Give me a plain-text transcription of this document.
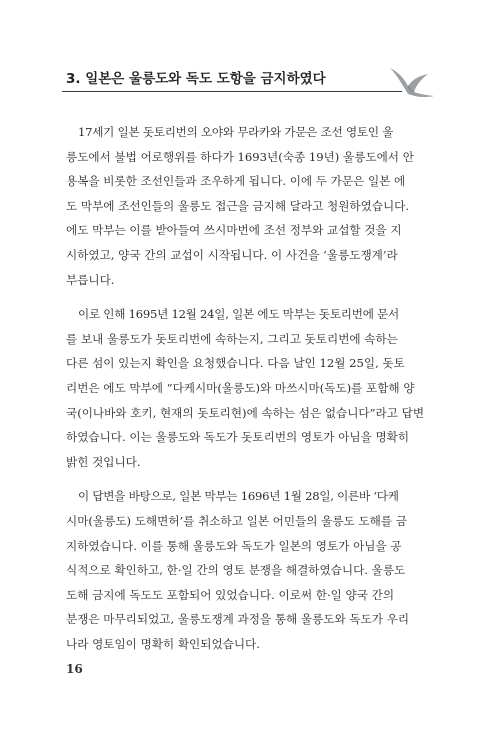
3. 일본은 울릉도와 독도 도항을 금지하였다

17세기 일본 돗토리번의 오야와 무라카와 가문은 조선 영토인 울
릉도에서 불법 어로행위를 하다가 1693년(숙종 19년) 울릉도에서 안
용복을 비롯한 조선인들과 조우하게 됩니다. 이에 두 가문은 일본 에
도 막부에 조선인들의 울릉도 접근을 금지해 달라고 청원하였습니다.
에도 막부는 이를 받아들여 쓰시마번에 조선 정부와 교섭할 것을 지
시하였고, 양국 간의 교섭이 시작됩니다. 이 사건을 ‘울릉도쟁계’라
부릅니다.

이로 인해 1695년 12월 24일, 일본 에도 막부는 돗토리번에 문서
를 보내 울릉도가 돗토리번에 속하는지, 그리고 돗토리번에 속하는
다른 섬이 있는지 확인을 요청했습니다. 다음 날인 12월 25일, 돗토
리번은 에도 막부에 “다케시마(울릉도)와 마쓰시마(독도)를 포함해 양
국(이나바와 호키, 현재의 돗토리현)에 속하는 섬은 없습니다”라고 답변
하였습니다. 이는 울릉도와 독도가 돗토리번의 영토가 아님을 명확히
밝힌 것입니다.

이 답변을 바탕으로, 일본 막부는 1696년 1월 28일, 이른바 ‘다케
시마(울릉도) 도해면허’를 취소하고 일본 어민들의 울릉도 도해를 금
지하였습니다. 이를 통해 울릉도와 독도가 일본의 영토가 아님을 공
식적으로 확인하고, 한·일 간의 영토 분쟁을 해결하였습니다. 울릉도
도해 금지에 독도도 포함되어 있었습니다. 이로써 한·일 양국 간의
분쟁은 마무리되었고, 울릉도쟁계 과정을 통해 울릉도와 독도가 우리
나라 영토임이 명확히 확인되었습니다.

16
